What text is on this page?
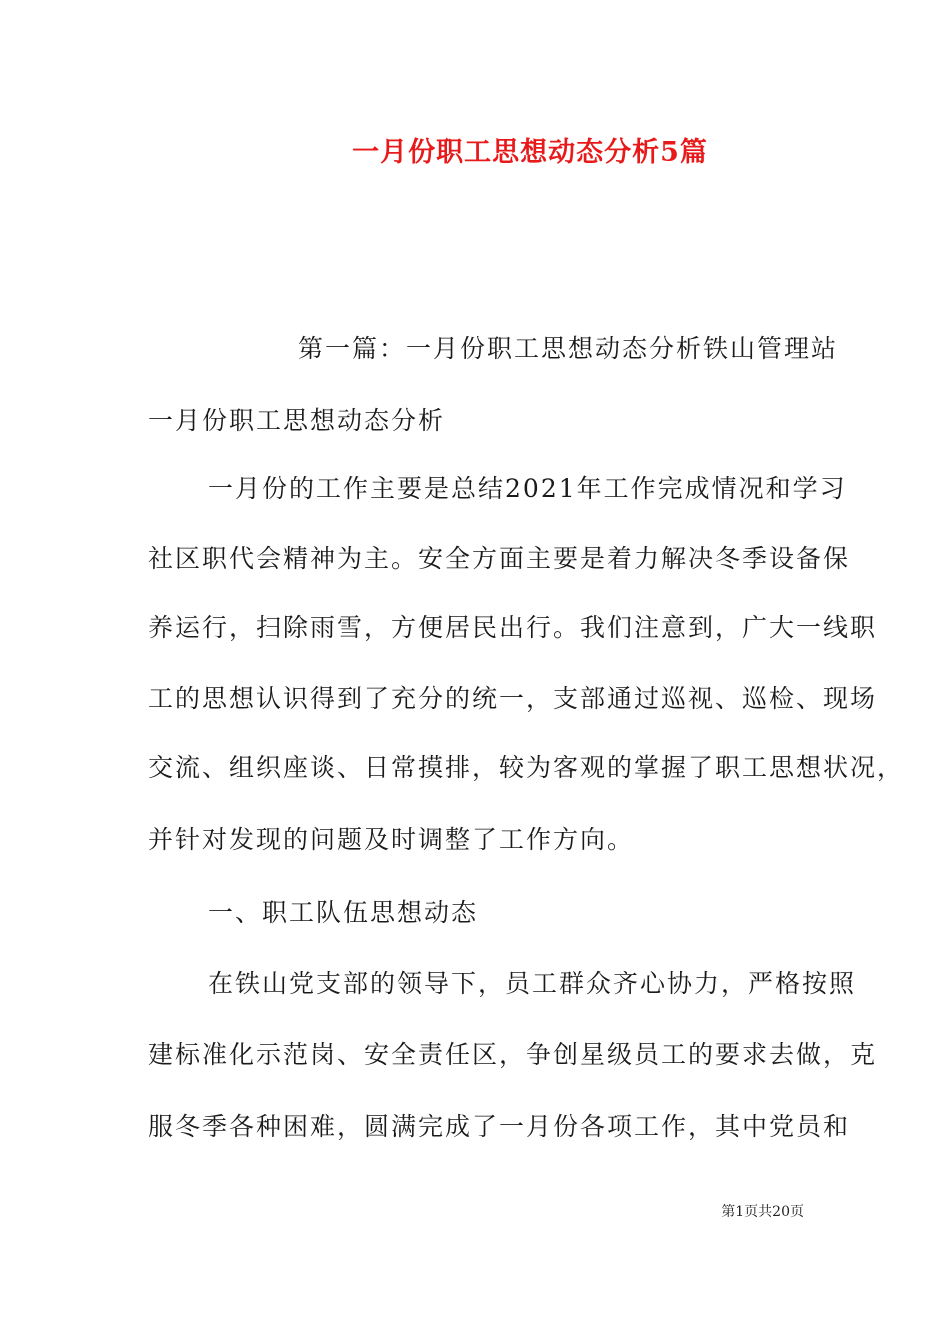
一月份职工思想动态分析5篇
第一篇：一月份职工思想动态分析铁山管理站
一月份职工思想动态分析
一月份的工作主要是总结2021年工作完成情况和学习
社区职代会精神为主。安全方面主要是着力解决冬季设备保
养运行，扫除雨雪，方便居民出行。我们注意到，广大一线职
工的思想认识得到了充分的统一，支部通过巡视、巡检、现场
交流、组织座谈、日常摸排，较为客观的掌握了职工思想状况，
并针对发现的问题及时调整了工作方向。
一、职工队伍思想动态
在铁山党支部的领导下，员工群众齐心协力，严格按照
建标准化示范岗、安全责任区，争创星级员工的要求去做，克
服冬季各种困难，圆满完成了一月份各项工作，其中党员和
第1页共20页
